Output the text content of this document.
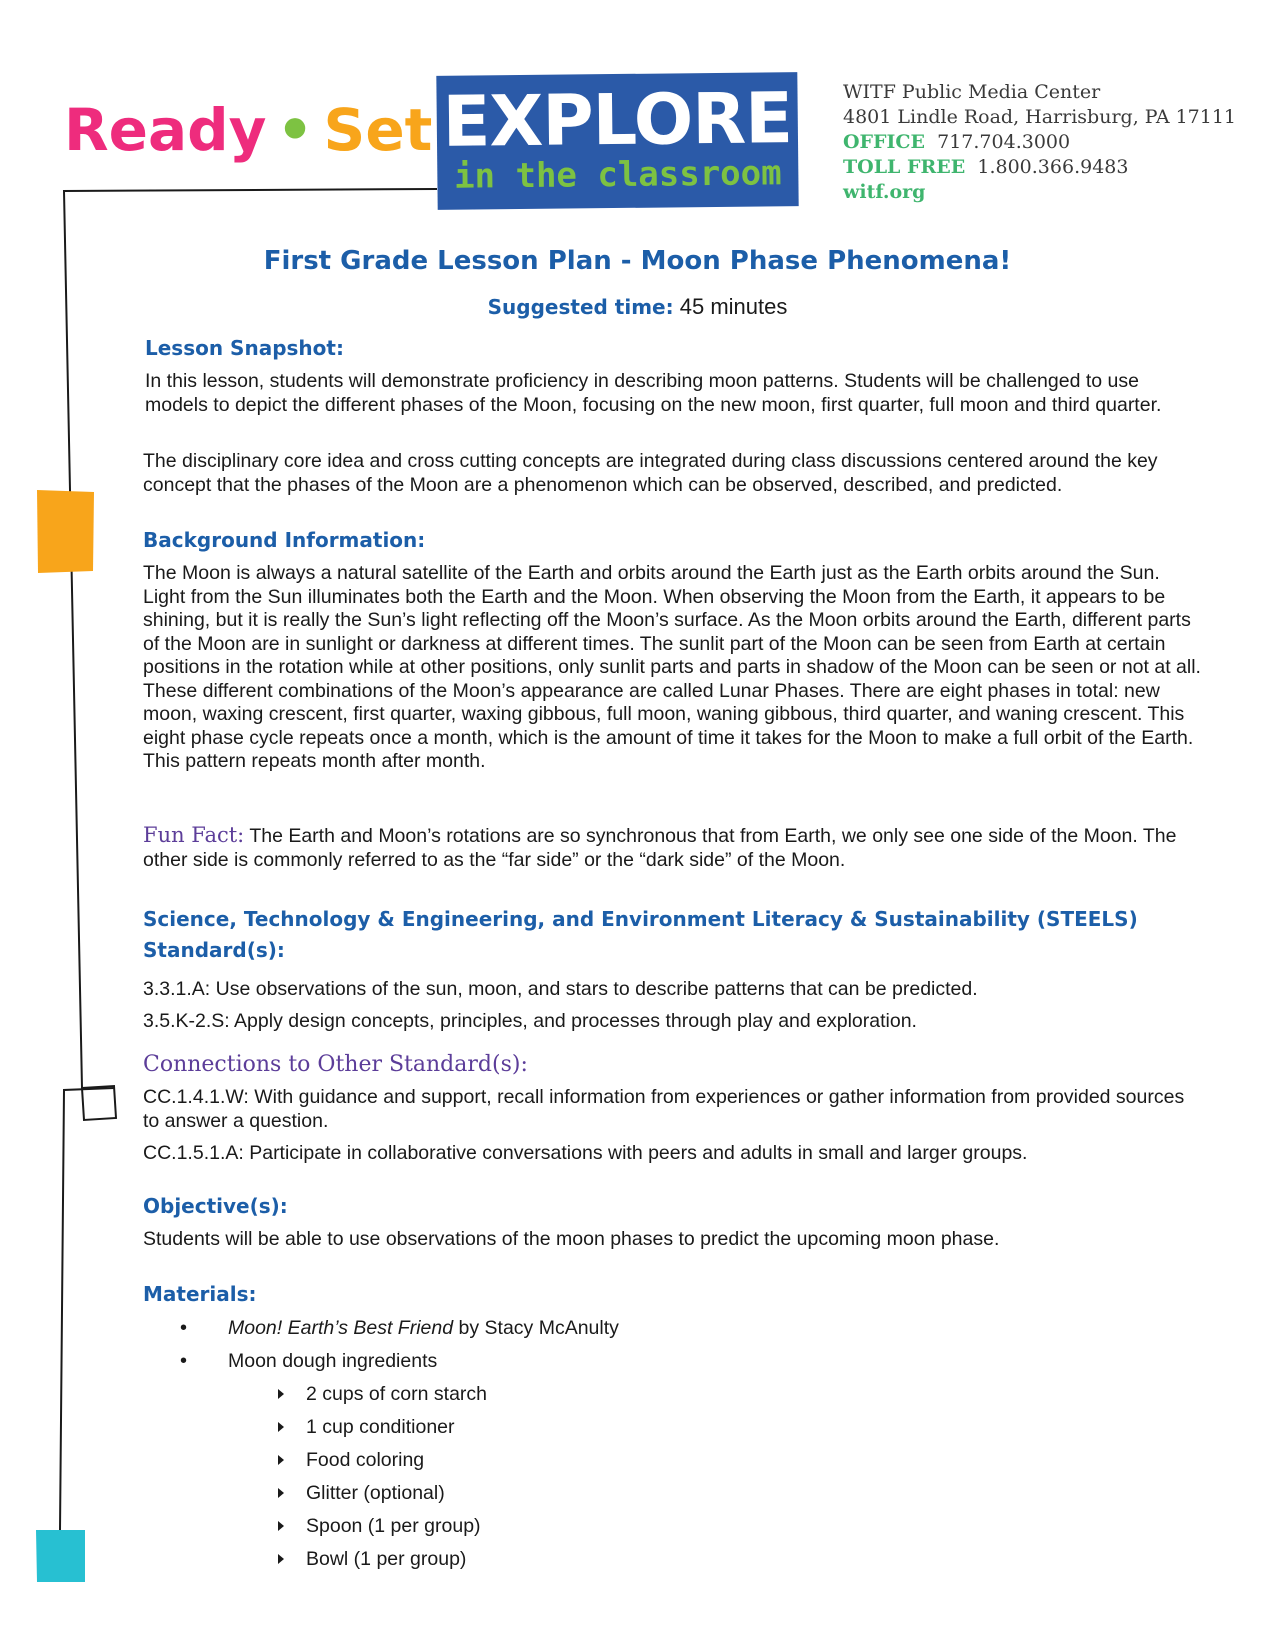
Ready • Set EXPLORE
in the classroom
WITF Public Media Center
4801 Lindle Road, Harrisburg, PA 17111
OFFICE 717.704.3000
TOLL FREE 1.800.366.9483
witf.org
First Grade Lesson Plan - Moon Phase Phenomena!
Suggested time: 45 minutes
Lesson Snapshot:
In this lesson, students will demonstrate proficiency in describing moon patterns. Students will be challenged to use models to depict the different phases of the Moon, focusing on the new moon, first quarter, full moon and third quarter.
The disciplinary core idea and cross cutting concepts are integrated during class discussions centered around the key concept that the phases of the Moon are a phenomenon which can be observed, described, and predicted.
Background Information:
The Moon is always a natural satellite of the Earth and orbits around the Earth just as the Earth orbits around the Sun. Light from the Sun illuminates both the Earth and the Moon. When observing the Moon from the Earth, it appears to be shining, but it is really the Sun’s light reflecting off the Moon’s surface. As the Moon orbits around the Earth, different parts of the Moon are in sunlight or darkness at different times. The sunlit part of the Moon can be seen from Earth at certain positions in the rotation while at other positions, only sunlit parts and parts in shadow of the Moon can be seen or not at all. These different combinations of the Moon’s appearance are called Lunar Phases. There are eight phases in total: new moon, waxing crescent, first quarter, waxing gibbous, full moon, waning gibbous, third quarter, and waning crescent. This eight phase cycle repeats once a month, which is the amount of time it takes for the Moon to make a full orbit of the Earth. This pattern repeats month after month.
Fun Fact: The Earth and Moon’s rotations are so synchronous that from Earth, we only see one side of the Moon. The other side is commonly referred to as the “far side” or the “dark side” of the Moon.
Science, Technology & Engineering, and Environment Literacy & Sustainability (STEELS)
Standard(s):
3.3.1.A: Use observations of the sun, moon, and stars to describe patterns that can be predicted.
3.5.K-2.S: Apply design concepts, principles, and processes through play and exploration.
Connections to Other Standard(s):
CC.1.4.1.W: With guidance and support, recall information from experiences or gather information from provided sources to answer a question.
CC.1.5.1.A: Participate in collaborative conversations with peers and adults in small and larger groups.
Objective(s):
Students will be able to use observations of the moon phases to predict the upcoming moon phase.
Materials:
• Moon! Earth’s Best Friend by Stacy McAnulty
• Moon dough ingredients
2 cups of corn starch
1 cup conditioner
Food coloring
Glitter (optional)
Spoon (1 per group)
Bowl (1 per group)
